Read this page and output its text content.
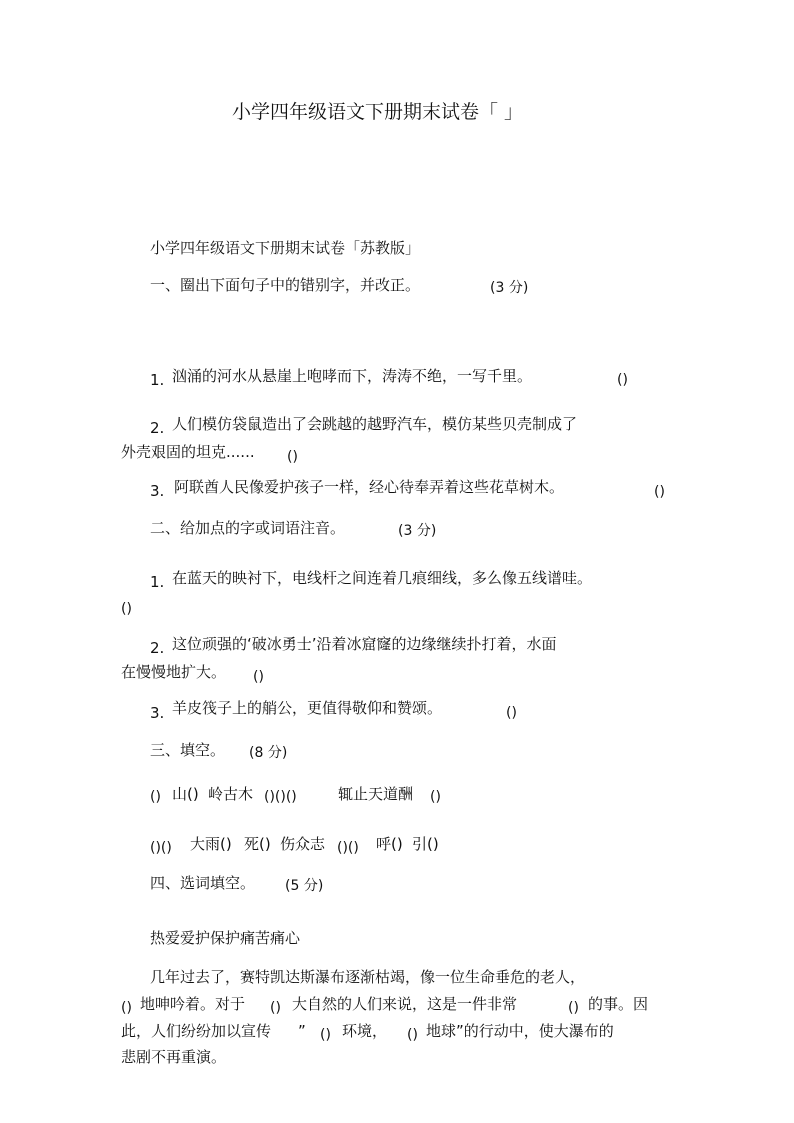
小学四年级语文下册期末试卷「 」
小学四年级语文下册期末试卷「苏教版」
一、圈出下面句子中的错别字，并改正。	(3 分)
1. 汹涌的河水从悬崖上咆哮而下，涛涛不绝，一写千里。	()
2. 人们模仿袋鼠造出了会跳越的越野汽车，模仿某些贝壳制成了
外壳艰固的坦克...... ()
3. 阿联酋人民像爱护孩子一样，经心待奉弄着这些花草树木。	()
二、给加点的字或词语注音。	(3 分)
1. 在蓝天的映衬下，电线杆之间连着几痕细线，多么像五线谱哇。
()
2. 这位顽强的‘破冰勇士’沿着冰窟窿的边缘继续扑打着，水面
在慢慢地扩大。 ()
3. 羊皮筏子上的艄公，更值得敬仰和赞颂。	()
三、填空。 (8 分)
() 山() 岭古木 ()()()	辄止天道酬 ()
()() 大雨() 死() 伤众志 ()() 呼() 引()
四、选词填空。 (5 分)
热爱爱护保护痛苦痛心
几年过去了，赛特凯达斯瀑布逐渐枯竭，像一位生命垂危的老人，
() 地呻吟着。对于 () 大自然的人们来说，这是一件非常	() 的事。因
此，人们纷纷加以宣传 ” () 环境， () 地球”的行动中，使大瀑布的
悲剧不再重演。
